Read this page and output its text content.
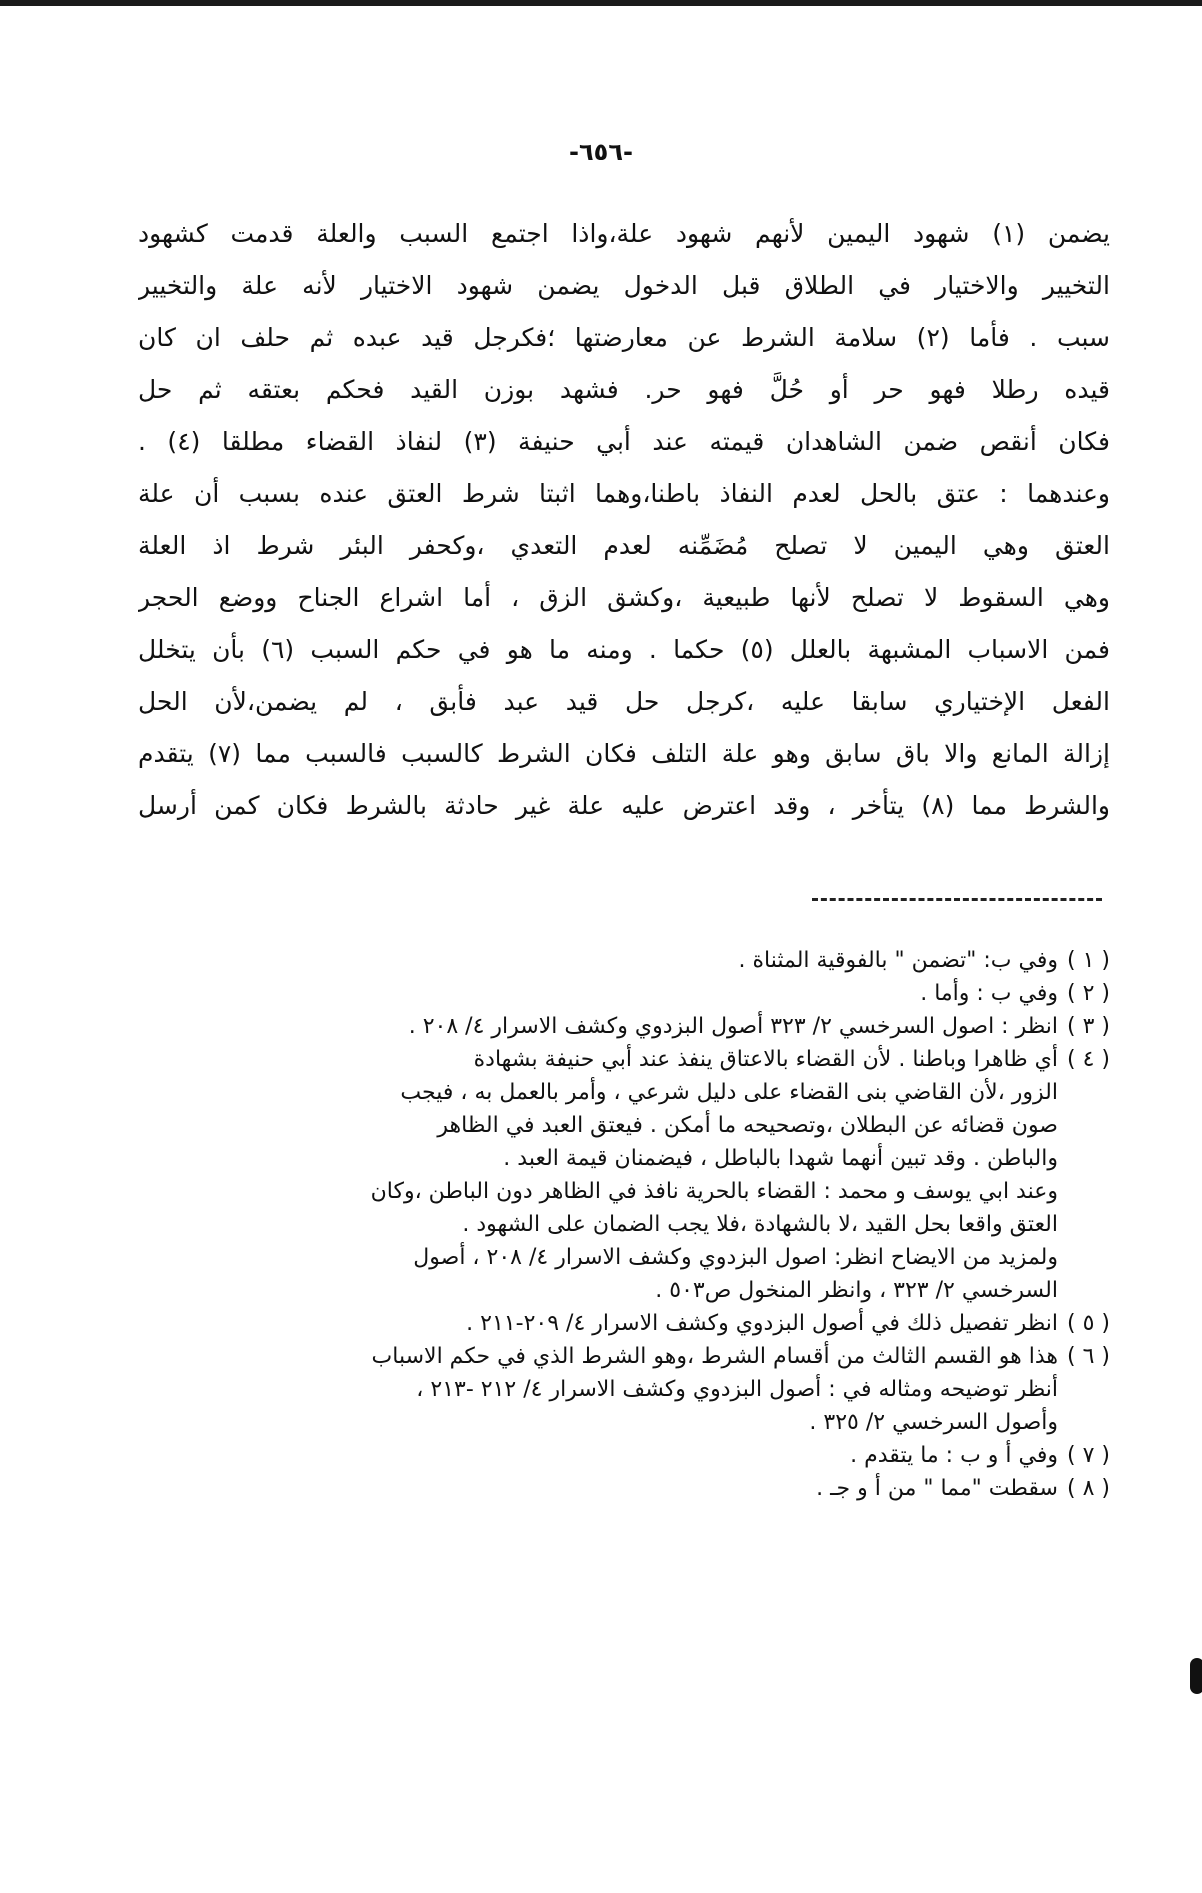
-٦٥٦-
يضمن (١) شهود اليمين لأنهم شهود علة،واذا اجتمع السبب والعلة قدمت كشهود
التخيير والاختيار في الطلاق قبل الدخول يضمن شهود الاختيار لأنه علة والتخيير
سبب . فأما (٢) سلامة الشرط عن معارضتها ؛فكرجل قيد عبده ثم حلف ان كان
قيده رطلا فهو حر أو حُلَّ فهو حر. فشهد بوزن القيد فحكم بعتقه ثم حل
فكان أنقص ضمن الشاهدان قيمته عند أبي حنيفة (٣) لنفاذ القضاء مطلقا (٤) .
وعندهما : عتق بالحل لعدم النفاذ باطنا،وهما اثبتا شرط العتق عنده بسبب أن علة
العتق وهي اليمين لا تصلح مُضَمِّنه لعدم التعدي ،وكحفر البئر شرط اذ العلة
وهي السقوط لا تصلح لأنها طبيعية ،وكشق الزق ، أما اشراع الجناح ووضع الحجر
فمن الاسباب المشبهة بالعلل (٥) حكما . ومنه ما هو في حكم السبب (٦) بأن يتخلل
الفعل الإختياري سابقا عليه ،كرجل حل قيد عبد فأبق ، لم يضمن،لأن الحل
إزالة المانع والا باق سابق وهو علة التلف فكان الشرط كالسبب فالسبب مما (٧) يتقدم
والشرط مما (٨) يتأخر ، وقد اعترض عليه علة غير حادثة بالشرط فكان كمن أرسل
( ١ )
وفي ب: "تضمن " بالفوقية المثناة .
( ٢ )
وفي ب : وأما .
( ٣ )
انظر : اصول السرخسي ٢/ ٣٢٣ أصول البزدوي وكشف الاسرار ٤/ ٢٠٨ .
( ٤ )
أي ظاهرا وباطنا . لأن القضاء بالاعتاق ينفذ عند أبي حنيفة بشهادة
الزور ،لأن القاضي بنى القضاء على دليل شرعي ، وأمر بالعمل به ، فيجب
صون قضائه عن البطلان ،وتصحيحه ما أمكن . فيعتق العبد في الظاهر
والباطن . وقد تبين أنهما شهدا بالباطل ، فيضمنان قيمة العبد .
وعند ابي يوسف و محمد : القضاء بالحرية نافذ في الظاهر دون الباطن ،وكان
العتق واقعا بحل القيد ،لا بالشهادة ،فلا يجب الضمان على الشهود .
ولمزيد من الايضاح انظر: اصول البزدوي وكشف الاسرار ٤/ ٢٠٨ ، أصول
السرخسي ٢/ ٣٢٣ ، وانظر المنخول ص٥٠٣ .
( ٥ )
انظر تفصيل ذلك في أصول البزدوي وكشف الاسرار ٤/ ٢٠٩-٢١١ .
( ٦ )
هذا هو القسم الثالث من أقسام الشرط ،وهو الشرط الذي في حكم الاسباب
أنظر توضيحه ومثاله في : أصول البزدوي وكشف الاسرار ٤/ ٢١٢ -٢١٣ ،
وأصول السرخسي ٢/ ٣٢٥ .
( ٧ )
وفي أ و ب : ما يتقدم .
( ٨ )
سقطت "مما " من أ و جـ .
